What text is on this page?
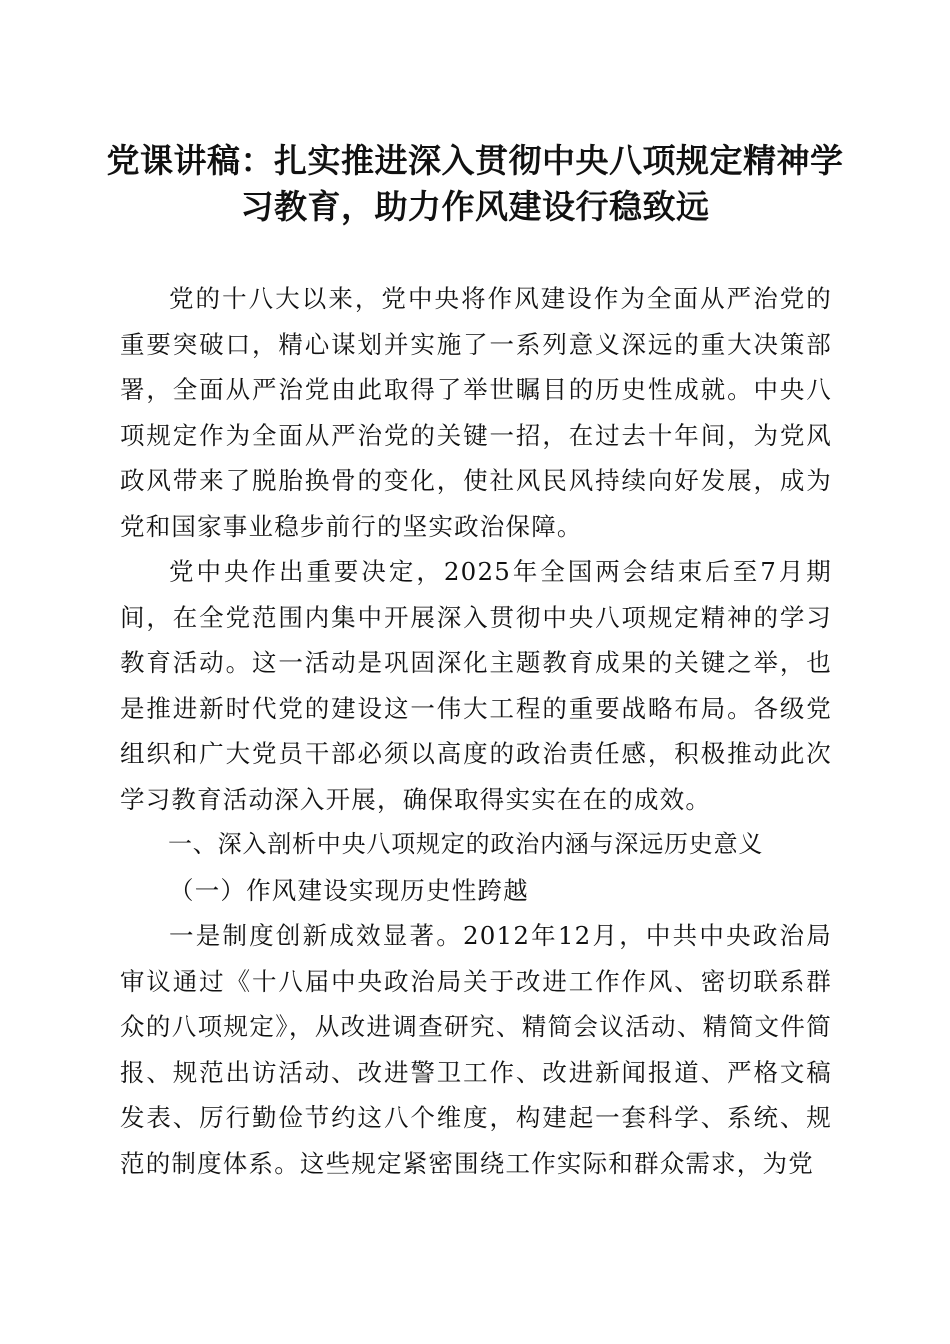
党课讲稿：扎实推进深入贯彻中央八项规定精神学习教育，助力作风建设行稳致远

党的十八大以来，党中央将作风建设作为全面从严治党的重要突破口，精心谋划并实施了一系列意义深远的重大决策部署，全面从严治党由此取得了举世瞩目的历史性成就。中央八项规定作为全面从严治党的关键一招，在过去十年间，为党风政风带来了脱胎换骨的变化，使社风民风持续向好发展，成为党和国家事业稳步前行的坚实政治保障。

党中央作出重要决定，2025年全国两会结束后至7月期间，在全党范围内集中开展深入贯彻中央八项规定精神的学习教育活动。这一活动是巩固深化主题教育成果的关键之举，也是推进新时代党的建设这一伟大工程的重要战略布局。各级党组织和广大党员干部必须以高度的政治责任感，积极推动此次学习教育活动深入开展，确保取得实实在在的成效。

一、深入剖析中央八项规定的政治内涵与深远历史意义

（一）作风建设实现历史性跨越

一是制度创新成效显著。2012年12月，中共中央政治局审议通过《十八届中央政治局关于改进工作作风、密切联系群众的八项规定》，从改进调查研究、精简会议活动、精简文件简报、规范出访活动、改进警卫工作、改进新闻报道、严格文稿发表、厉行勤俭节约这八个维度，构建起一套科学、系统、规范的制度体系。这些规定紧密围绕工作实际和群众需求，为党
